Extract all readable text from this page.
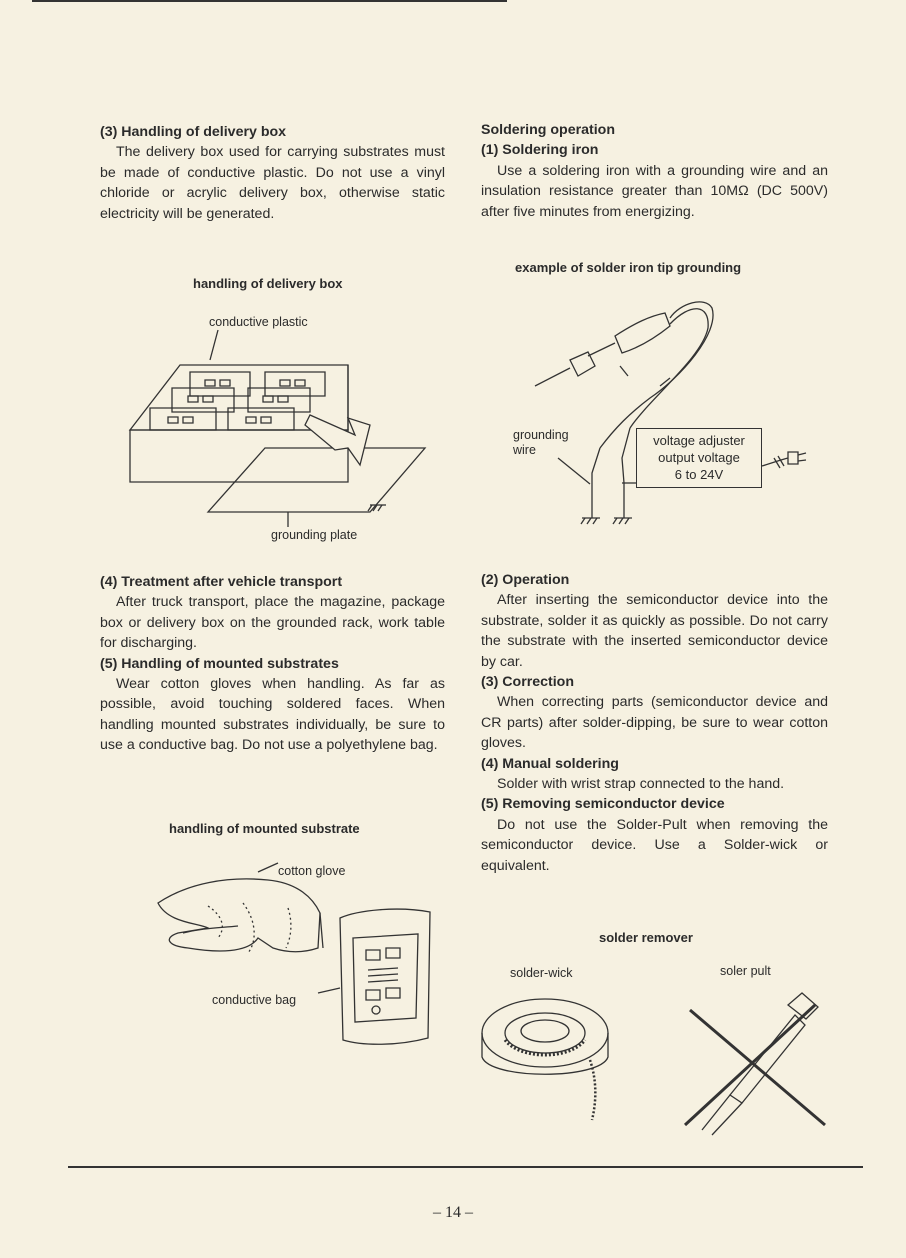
(3) Handling of delivery box

The delivery box used for carrying substrates must be made of conductive plastic. Do not use a vinyl chloride or acrylic delivery box, otherwise static electricity will be generated.

handling of delivery box
conductive plastic
grounding plate

(4) Treatment after vehicle transport

After truck transport, place the magazine, package box or delivery box on the grounded rack, work table for discharging.

(5) Handling of mounted substrates

Wear cotton gloves when handling. As far as possible, avoid touching soldered faces. When handling mounted substrates individually, be sure to use a conductive bag. Do not use a polyethylene bag.

handling of mounted substrate
cotton glove
conductive bag

Soldering operation

(1) Soldering iron

Use a soldering iron with a grounding wire and an insulation resistance greater than 10MΩ (DC 500V) after five minutes from energizing.

example of solder iron tip grounding
grounding wire
voltage adjuster
output voltage
6 to 24V

(2) Operation

After inserting the semiconductor device into the substrate, solder it as quickly as possible. Do not carry the substrate with the inserted semiconductor device by car.

(3) Correction

When correcting parts (semiconductor device and CR parts) after solder-dipping, be sure to wear cotton gloves.

(4) Manual soldering

Solder with wrist strap connected to the hand.

(5) Removing semiconductor device

Do not use the Solder-Pult when removing the semiconductor device. Use a Solder-wick or equivalent.

solder remover
solder-wick	soler pult
– 14 –
